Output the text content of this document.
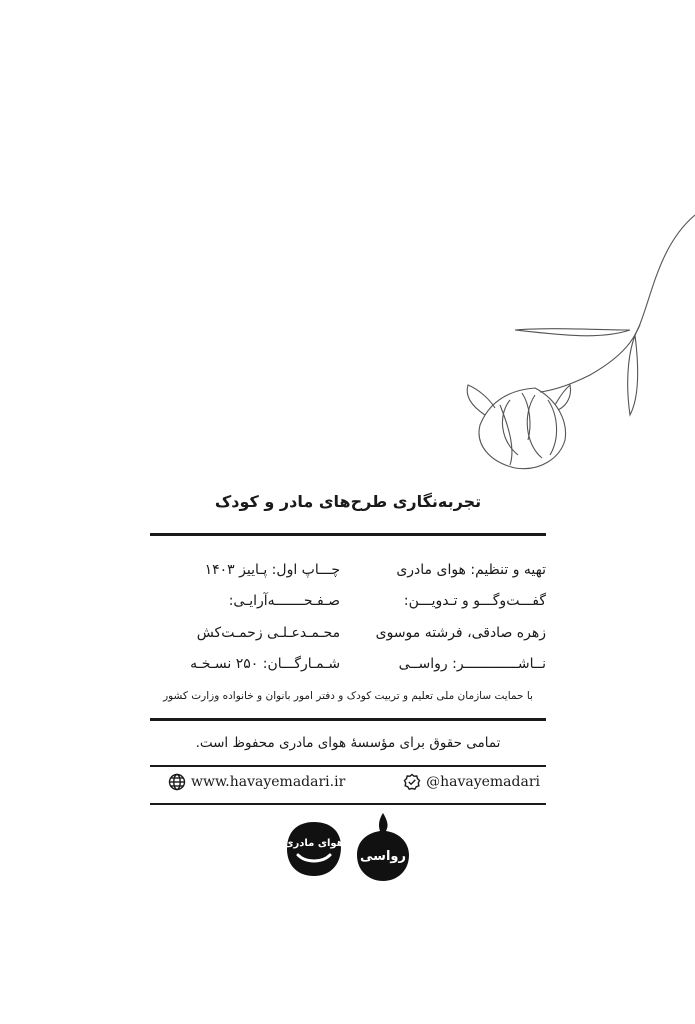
تجربه‌نگاری طرح‌های مادر و کودک
تهیه و تنظیم: هوای مادری
چـــاپ اول: پـاییز ۱۴۰۳
گفـــت‌وگـــو و تـدویـــن:
صـفـحـــــــه‌آرایـی:
زهره صادقی، فرشته موسوی
محـمـدعـلـی زحمـت‌کش
نــاشـــــــــــــر: رواســی
شـمـارگـــان: ۲۵۰ نسـخـه
با حمایت سازمان ملی تعلیم و تربیت کودک و دفتر امور بانوان و خانواده وزارت کشور
تمامی حقوق برای مؤسسهٔ هوای مادری محفوظ است.
www.havayemadari.ir	@havayemadari
هوای مادری
رواسی
